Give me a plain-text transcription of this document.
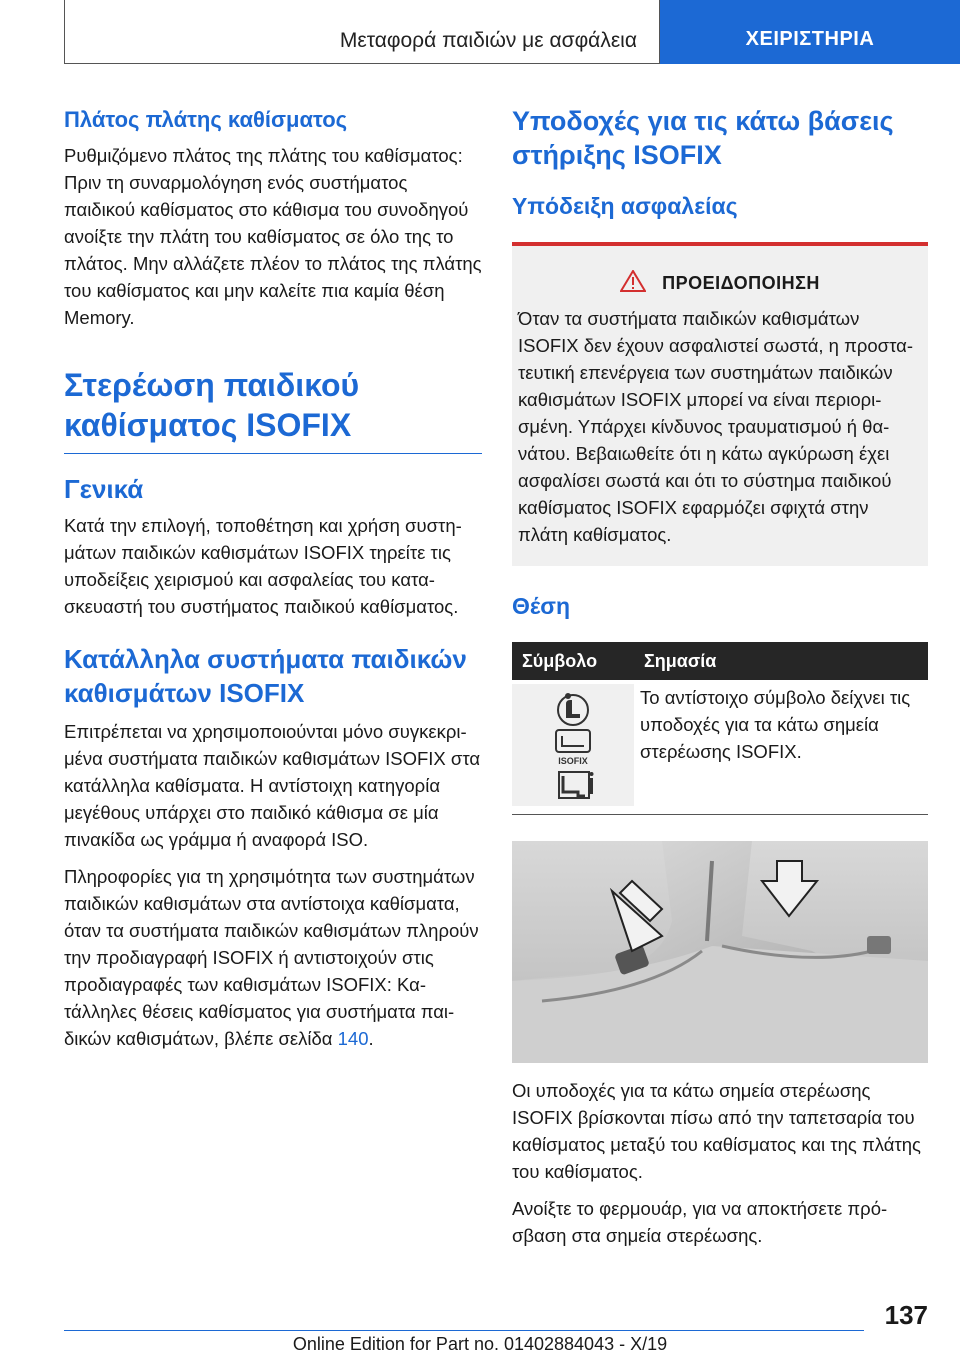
Μεταφορά παιδιών με ασφάλεια	ΧΕΙΡΙΣΤΗΡΙΑ
Πλάτος πλάτης καθίσματος

Ρυθμιζόμενο πλάτος της πλάτης του καθίσματος: Πριν τη συναρμολόγηση ενός συστήματος παιδικού καθίσματος στο κάθισμα του συνοδηγού ανοίξτε την πλάτη του καθίσματος σε όλο της το πλάτος. Μην αλλάζετε πλέον το πλάτος της πλάτης του καθίσματος και μην καλείτε πια καμία θέση Memory.

Στερέωση παιδικού καθίσματος ISOFIX
Γενικά

Κατά την επιλογή, τοποθέτηση και χρήση συστημάτων παιδικών καθισμάτων ISOFIX τηρείτε τις υποδείξεις χειρισμού και ασφαλείας του κατασκευαστή του συστήματος παιδικού καθίσματος.

Κατάλληλα συστήματα παιδικών καθισμάτων ISOFIX

Επιτρέπεται να χρησιμοποιούνται μόνο συγκεκριμένα συστήματα παιδικών καθισμάτων ISOFIX στα κατάλληλα καθίσματα. Η αντίστοιχη κατηγορία μεγέθους υπάρχει στο παιδικό κάθισμα σε μία πινακίδα ως γράμμα ή αναφορά ISO.

Πληροφορίες για τη χρησιμότητα των συστημάτων παιδικών καθισμάτων στα αντίστοιχα καθίσματα, όταν τα συστήματα παιδικών καθισμάτων πληρούν την προδιαγραφή ISOFIX ή αντιστοιχούν στις προδιαγραφές των καθισμάτων ISOFIX: Κατάλληλες θέσεις καθίσματος για συστήματα παιδικών καθισμάτων, βλέπε σελίδα 140.

Υποδοχές για τις κάτω βάσεις στήριξης ISOFIX
Υπόδειξη ασφαλείας
ΠΡΟΕΙΔΟΠΟΙΗΣΗ

Όταν τα συστήματα παιδικών καθισμάτων ISOFIX δεν έχουν ασφαλιστεί σωστά, η προστατευτική επενέργεια των συστημάτων παιδικών καθισμάτων ISOFIX μπορεί να είναι περιορισμένη. Υπάρχει κίνδυνος τραυματισμού ή θανάτου. Βεβαιωθείτε ότι η κάτω αγκύρωση έχει ασφαλίσει σωστά και ότι το σύστημα παιδικού καθίσματος ISOFIX εφαρμόζει σφιχτά στην πλάτη καθίσματος.

Θέση
Σύμβολο	Σημασία

ISOFIX	Το αντίστοιχο σύμβολο δείχνει τις υποδοχές για τα κάτω σημεία στερέωσης ISOFIX.

Οι υποδοχές για τα κάτω σημεία στερέωσης ISOFIX βρίσκονται πίσω από την ταπετσαρία του καθίσματος μεταξύ του καθίσματος και της πλάτης του καθίσματος.

Ανοίξτε το φερμουάρ, για να αποκτήσετε πρόσβαση στα σημεία στερέωσης.

137
Online Edition for Part no. 01402884043 - X/19
